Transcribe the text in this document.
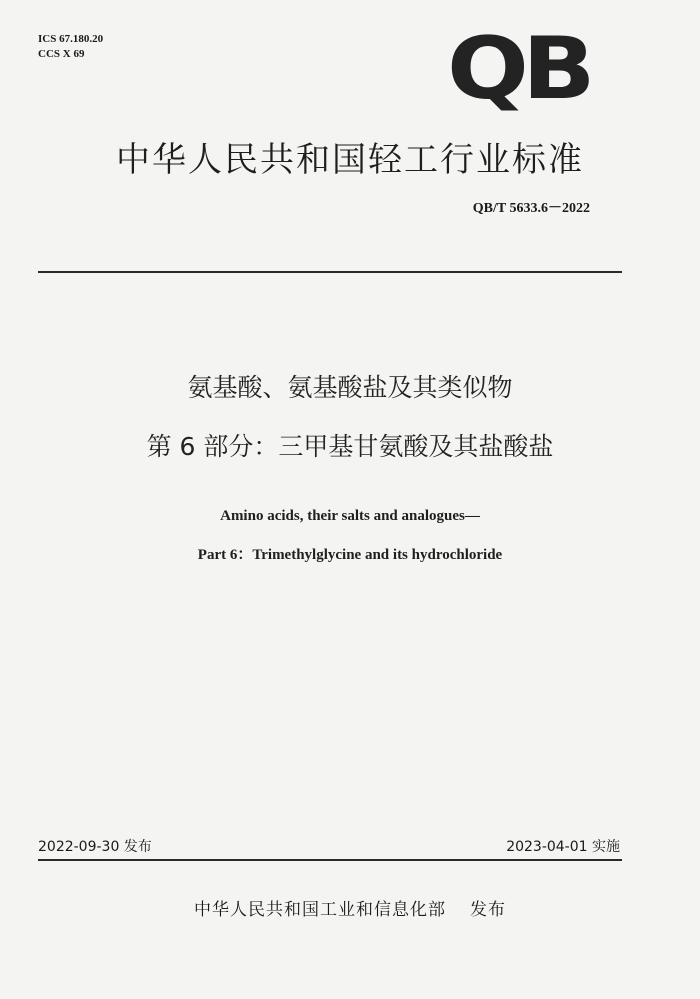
ICS 67.180.20
CCS X 69	QB
中华人民共和国轻工行业标准
QB/T 5633.6－2022
氨基酸、氨基酸盐及其类似物
第 6 部分：三甲基甘氨酸及其盐酸盐
Amino acids, their salts and analogues—
Part 6：Trimethylglycine and its hydrochloride
2022-09-30 发布	2023-04-01 实施
中华人民共和国工业和信息化部 发布
